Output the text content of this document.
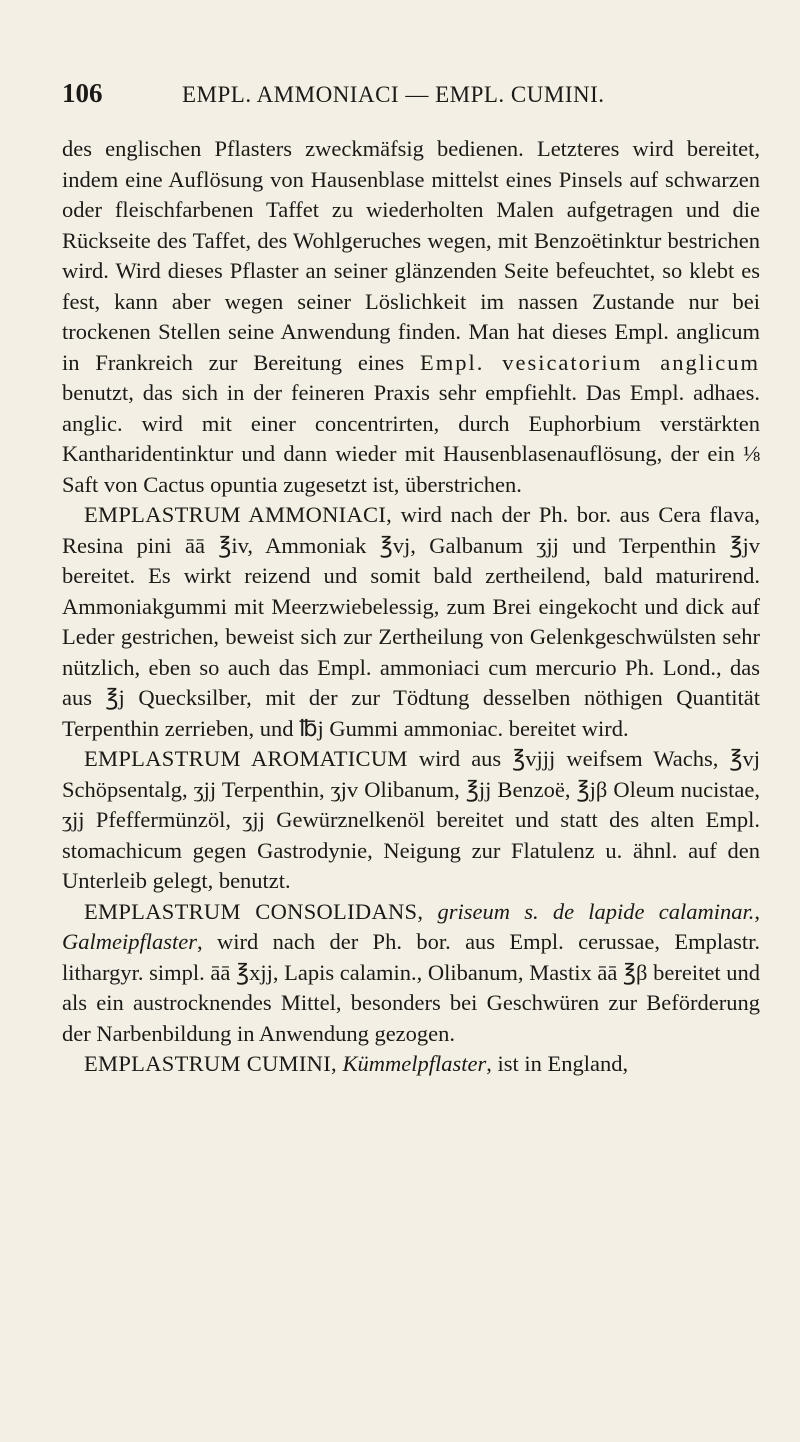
106	EMPL. AMMONIACI — EMPL. CUMINI.

des englischen Pflasters zweckmäfsig bedienen. Letzteres wird bereitet, indem eine Auflösung von Hausenblase mittelst eines Pinsels auf schwarzen oder fleischfarbenen Taffet zu wiederholten Malen aufgetragen und die Rückseite des Taffet, des Wohlgeruches wegen, mit Benzoëtinktur bestrichen wird. Wird dieses Pflaster an seiner glänzenden Seite befeuchtet, so klebt es fest, kann aber wegen seiner Löslichkeit im nassen Zustande nur bei trockenen Stellen seine Anwendung finden. Man hat dieses Empl. anglicum in Frankreich zur Bereitung eines Empl. vesicatorium anglicum benutzt, das sich in der feineren Praxis sehr empfiehlt. Das Empl. adhaes. anglic. wird mit einer concentrirten, durch Euphorbium verstärkten Kantharidentinktur und dann wieder mit Hausenblasenauflösung, der ein ⅛ Saft von Cactus opuntia zugesetzt ist, überstrichen.

EMPLASTRUM AMMONIACI, wird nach der Ph. bor. aus Cera flava, Resina pini āā ℥iv, Ammoniak ℥vj, Galbanum ʒjj und Terpenthin ℥jv bereitet. Es wirkt reizend und somit bald zertheilend, bald maturirend. Ammoniakgummi mit Meerzwiebelessig, zum Brei eingekocht und dick auf Leder gestrichen, beweist sich zur Zertheilung von Gelenkgeschwülsten sehr nützlich, eben so auch das Empl. ammoniaci cum mercurio Ph. Lond., das aus ℥j Quecksilber, mit der zur Tödtung desselben nöthigen Quantität Terpenthin zerrieben, und ℔j Gummi ammoniac. bereitet wird.

EMPLASTRUM AROMATICUM wird aus ℥vjjj weifsem Wachs, ℥vj Schöpsentalg, ʒjj Terpenthin, ʒjv Olibanum, ℥jj Benzoë, ℥jβ Oleum nucistae, ʒjj Pfeffermünzöl, ʒjj Gewürznelkenöl bereitet und statt des alten Empl. stomachicum gegen Gastrodynie, Neigung zur Flatulenz u. ähnl. auf den Unterleib gelegt, benutzt.

EMPLASTRUM CONSOLIDANS, griseum s. de lapide calaminar., Galmeipflaster, wird nach der Ph. bor. aus Empl. cerussae, Emplastr. lithargyr. simpl. āā ℥xjj, Lapis calamin., Olibanum, Mastix āā ℥β bereitet und als ein austrocknendes Mittel, besonders bei Geschwüren zur Beförderung der Narbenbildung in Anwendung gezogen.

EMPLASTRUM CUMINI, Kümmelpflaster, ist in England,
